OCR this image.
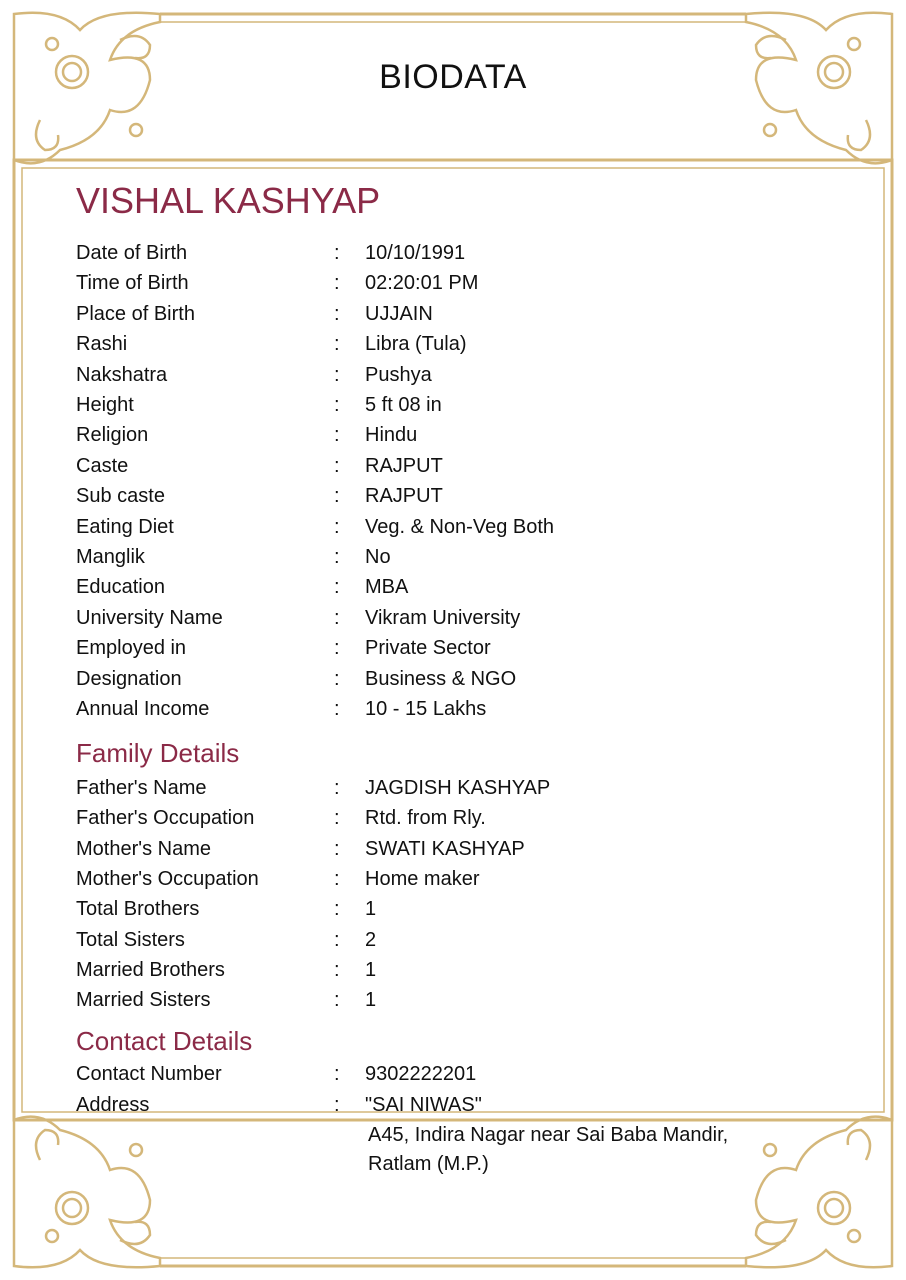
BIODATA
VISHAL KASHYAP
Date of Birth	: 10/10/1991
Time of Birth	: 02:20:01 PM
Place of Birth	: UJJAIN
Rashi	: Libra (Tula)
Nakshatra	: Pushya
Height	: 5 ft 08 in
Religion	: Hindu
Caste	: RAJPUT
Sub caste	: RAJPUT
Eating Diet	: Veg. & Non-Veg Both
Manglik	: No
Education	: MBA
University Name	: Vikram University
Employed in	: Private Sector
Designation	: Business & NGO
Annual Income	: 10 - 15 Lakhs
Family Details
Father's Name	: JAGDISH KASHYAP
Father's Occupation	: Rtd. from Rly.
Mother's Name	: SWATI KASHYAP
Mother's Occupation	: Home maker
Total Brothers	: 1
Total Sisters	: 2
Married Brothers	: 1
Married Sisters	: 1
Contact Details
Contact Number	: 9302222201
Address	: "SAI NIWAS"
A45, Indira Nagar near Sai Baba Mandir,
Ratlam (M.P.)
